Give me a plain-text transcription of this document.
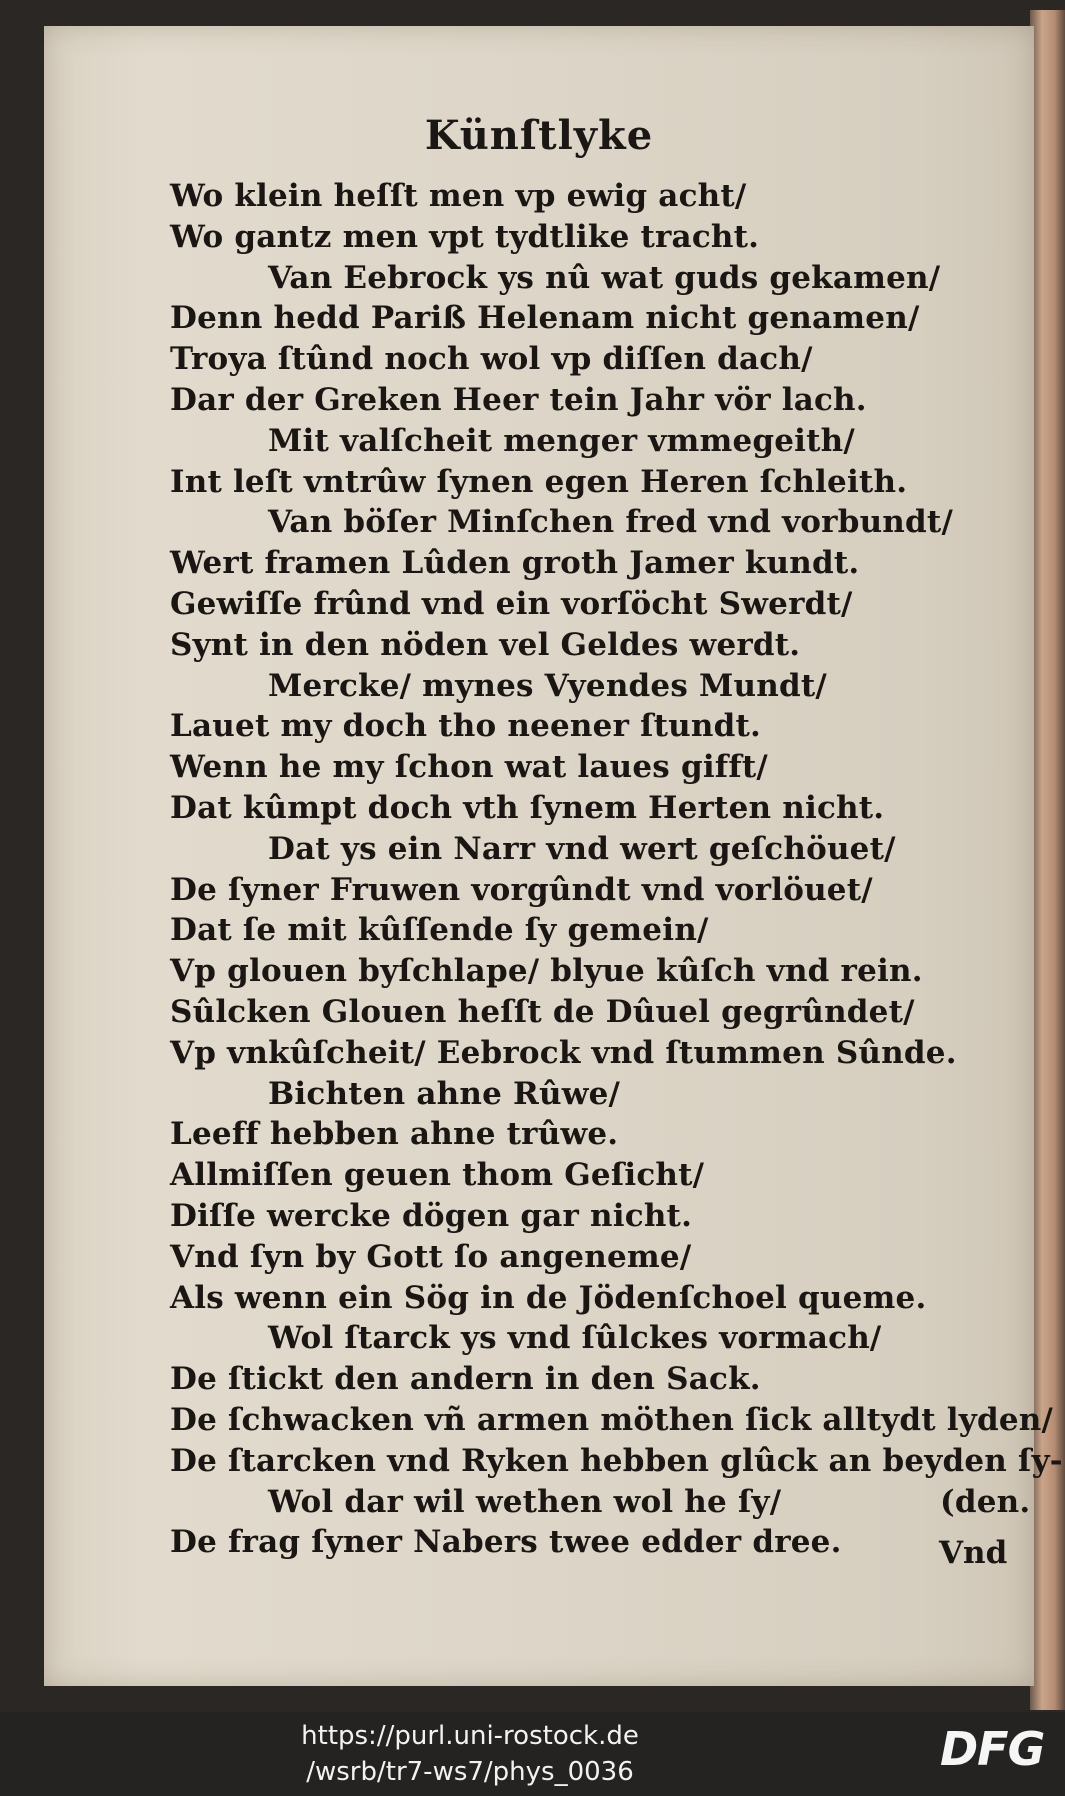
Künſtlyke
Wo klein heſſt men vp ewig acht/
Wo gantz men vpt tydtlike tracht.
Van Eebrock ys nû wat guds gekamen/
Denn hedd Pariß Helenam nicht genamen/
Troya ſtûnd noch wol vp diſſen dach/
Dar der Greken Heer tein Jahr vör lach.
Mit valſcheit menger vmmegeith/
Int leſt vntrûw ſynen egen Heren ſchleith.
Van böſer Minſchen fred vnd vorbundt/
Wert framen Lûden groth Jamer kundt.
Gewiſſe frûnd vnd ein vorſöcht Swerdt/
Synt in den nöden vel Geldes werdt.
Mercke/ mynes Vyendes Mundt/
Lauet my doch tho neener ſtundt.
Wenn he my ſchon wat laues gifft/
Dat kûmpt doch vth ſynem Herten nicht.
Dat ys ein Narr vnd wert geſchöuet/
De ſyner Fruwen vorgûndt vnd vorlöuet/
Dat ſe mit kûſſende ſy gemein/
Vp glouen byſchlape/ blyue kûſch vnd rein.
Sûlcken Glouen heſſt de Dûuel gegrûndet/
Vp vnkûſcheit/ Eebrock vnd ſtummen Sûnde.
Bichten ahne Rûwe/
Leeff hebben ahne trûwe.
Allmiſſen geuen thom Geſicht/
Diſſe wercke dögen gar nicht.
Vnd ſyn by Gott ſo angeneme/
Als wenn ein Sög in de Jödenſchoel queme.
Wol ſtarck ys vnd ſûlckes vormach/
De ſtickt den andern in den Sack.
De ſchwacken vñ armen möthen ſick alltydt lyden/
De ſtarcken vnd Ryken hebben glûck an beyden ſy-
Wol dar wil wethen wol he ſy/	(den.
De frag ſyner Nabers twee edder dree.	Vnd
https://purl.uni-rostock.de
/wsrb/tr7-ws7/phys_0036	DFG
